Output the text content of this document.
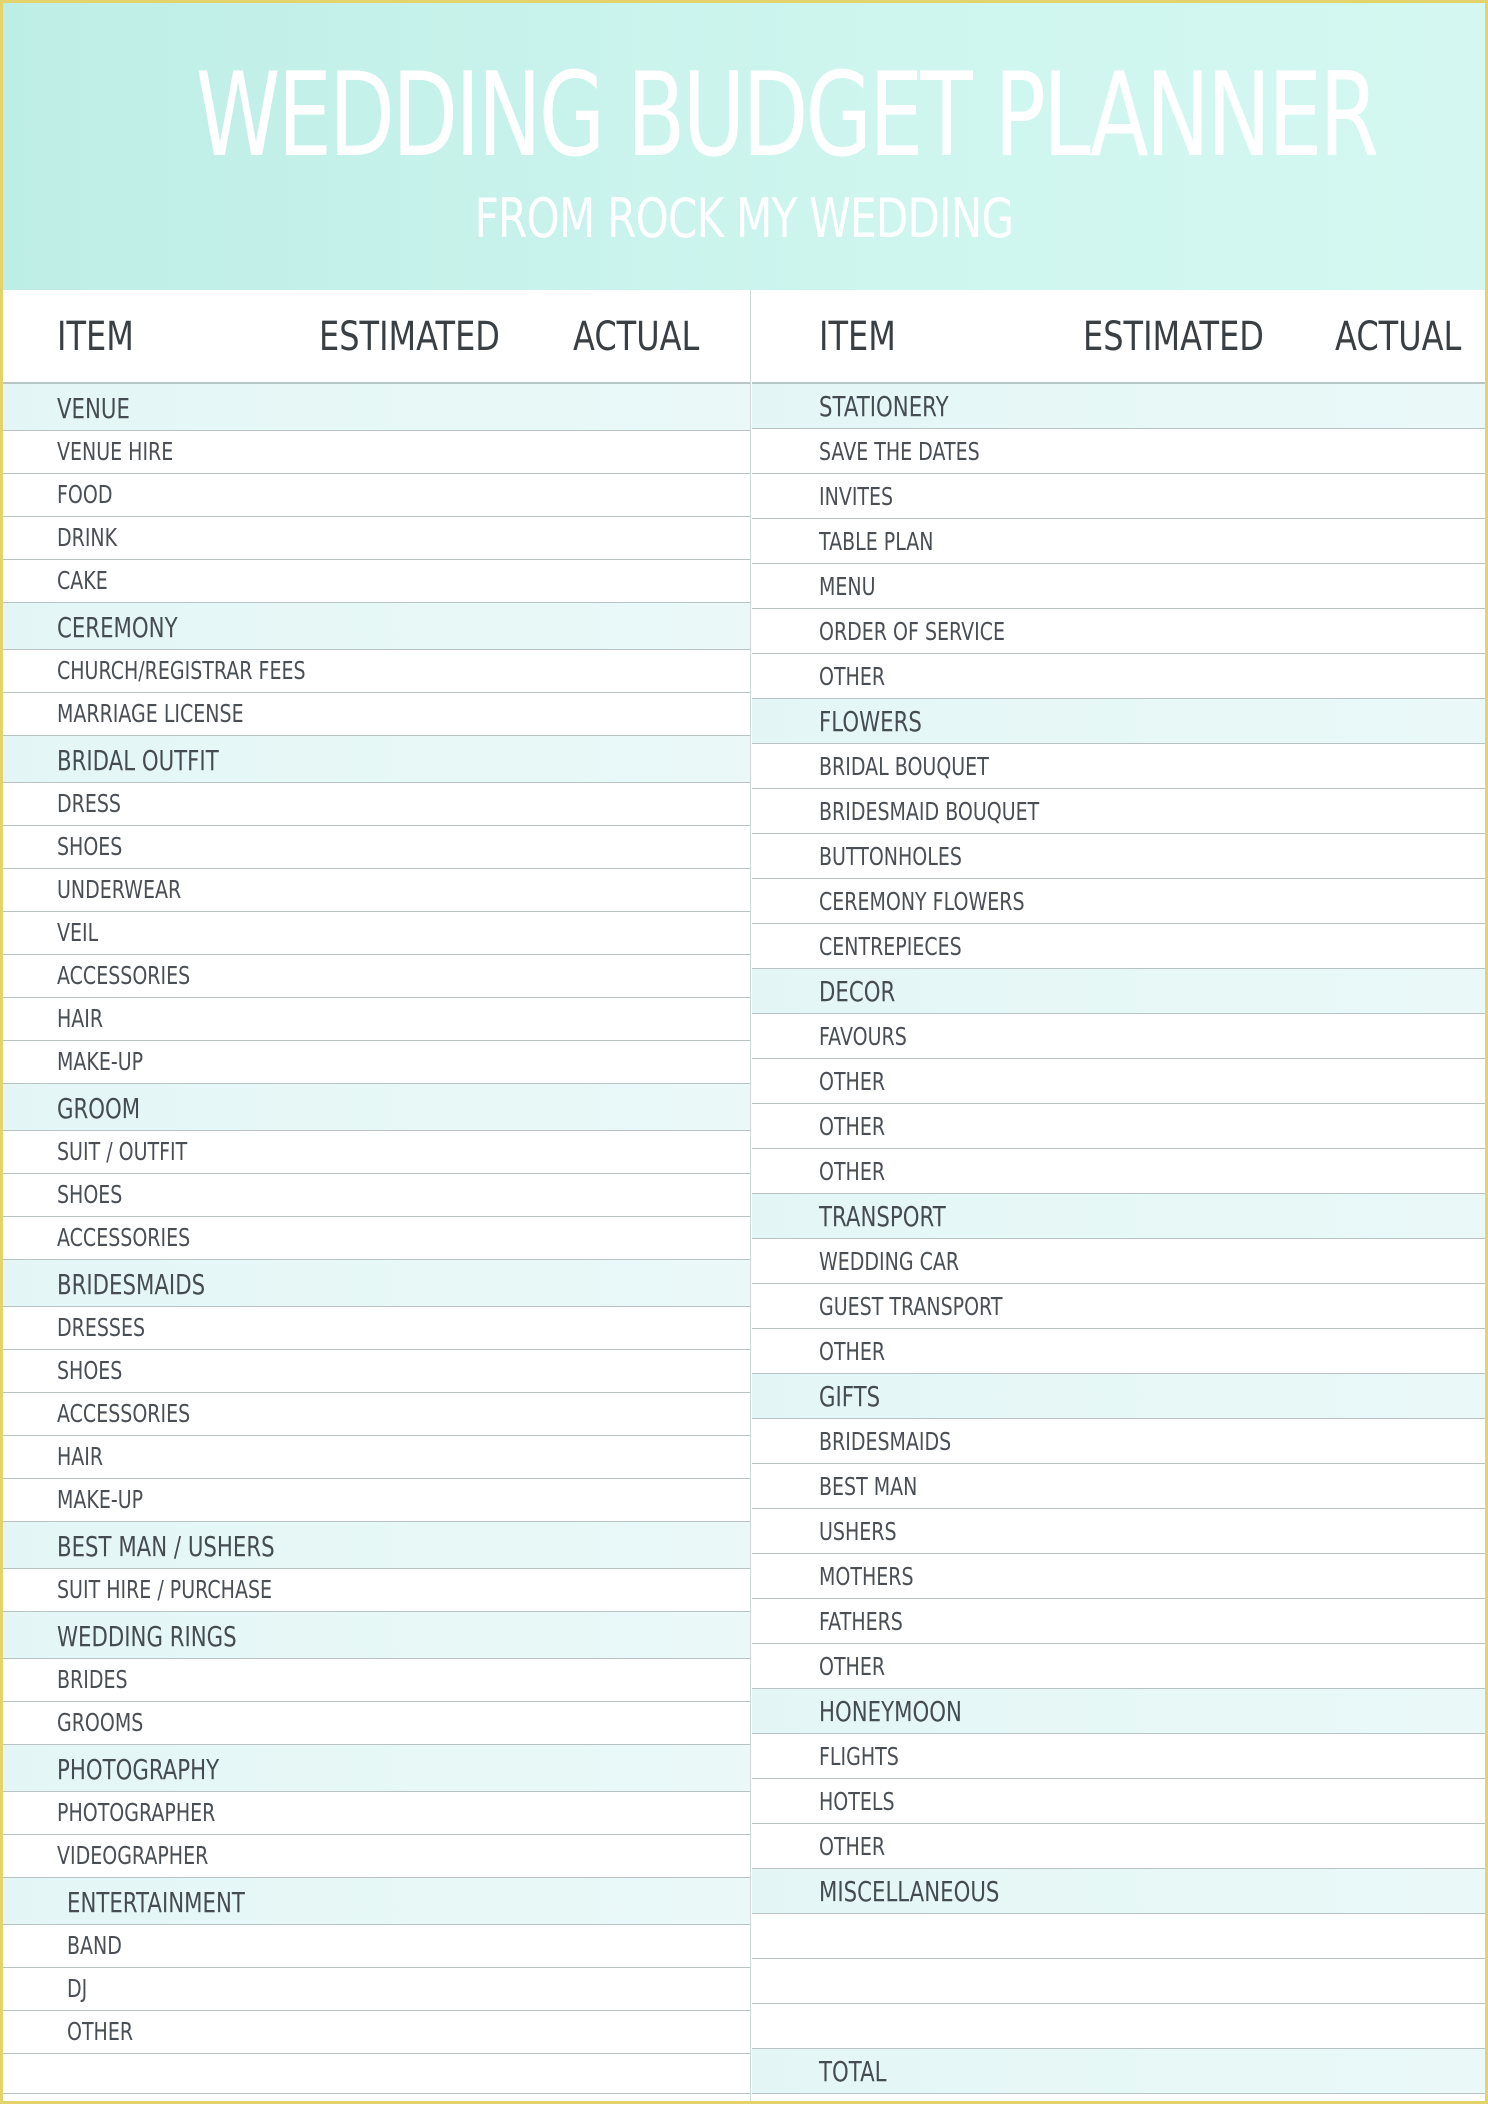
WEDDING BUDGET PLANNER
FROM ROCK MY WEDDING
ITEM	ESTIMATED ACTUAL
VENUE
VENUE HIRE
FOOD
DRINK
CAKE
CEREMONY
CHURCH/REGISTRAR FEES
MARRIAGE LICENSE
BRIDAL OUTFIT
DRESS
SHOES
UNDERWEAR
VEIL
ACCESSORIES
HAIR
MAKE-UP
GROOM
SUIT / OUTFIT
SHOES
ACCESSORIES
BRIDESMAIDS
DRESSES
SHOES
ACCESSORIES
HAIR
MAKE-UP
BEST MAN / USHERS
SUIT HIRE / PURCHASE
WEDDING RINGS
BRIDES
GROOMS
PHOTOGRAPHY
PHOTOGRAPHER
VIDEOGRAPHER
ENTERTAINMENT
BAND
DJ
OTHER
ITEM	ESTIMATED ACTUAL
STATIONERY
SAVE THE DATES
INVITES
TABLE PLAN
MENU
ORDER OF SERVICE
OTHER
FLOWERS
BRIDAL BOUQUET
BRIDESMAID BOUQUET
BUTTONHOLES
CEREMONY FLOWERS
CENTREPIECES
DECOR
FAVOURS
OTHER
OTHER
OTHER
TRANSPORT
WEDDING CAR
GUEST TRANSPORT
OTHER
GIFTS
BRIDESMAIDS
BEST MAN
USHERS
MOTHERS
FATHERS
OTHER
HONEYMOON
FLIGHTS
HOTELS
OTHER
MISCELLANEOUS
TOTAL
